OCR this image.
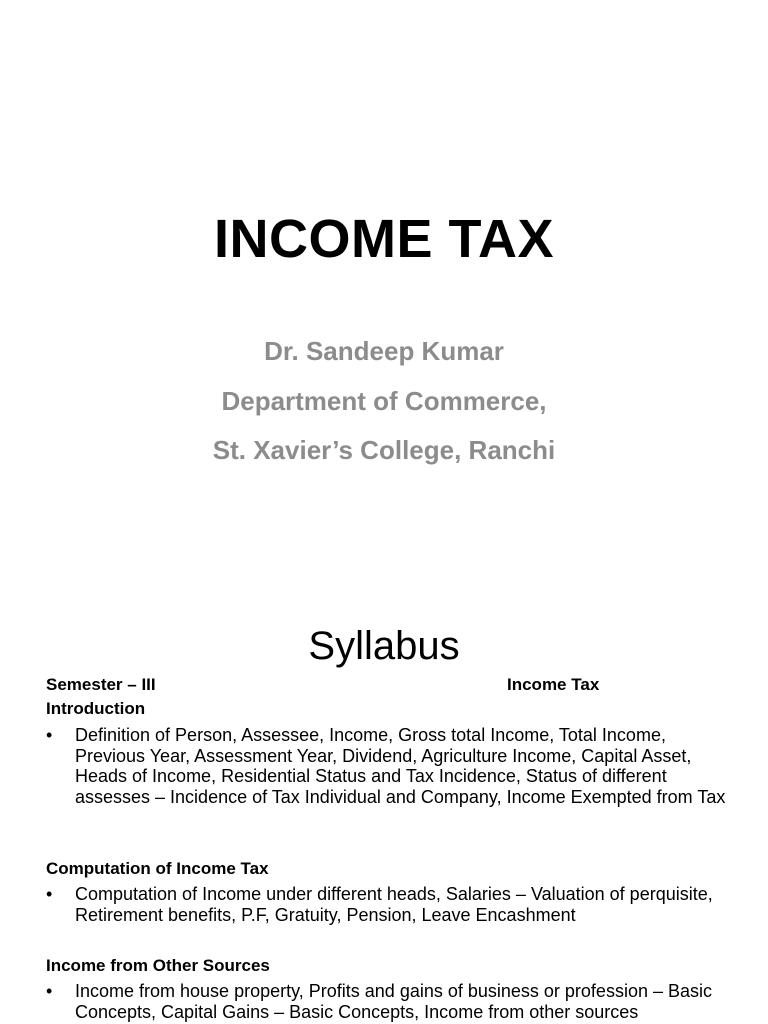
INCOME TAX
Dr. Sandeep Kumar
Department of Commerce,
St. Xavier’s College, Ranchi
Syllabus
Semester – III	Income Tax
Introduction
• Definition of Person, Assessee, Income, Gross total Income, Total Income, Previous Year, Assessment Year, Dividend, Agriculture Income, Capital Asset, Heads of Income, Residential Status and Tax Incidence, Status of different assesses – Incidence of Tax Individual and Company, Income Exempted from Tax
Computation of Income Tax
• Computation of Income under different heads, Salaries – Valuation of perquisite, Retirement benefits, P.F, Gratuity, Pension, Leave Encashment
Income from Other Sources
• Income from house property, Profits and gains of business or profession – Basic Concepts, Capital Gains – Basic Concepts, Income from other sources
